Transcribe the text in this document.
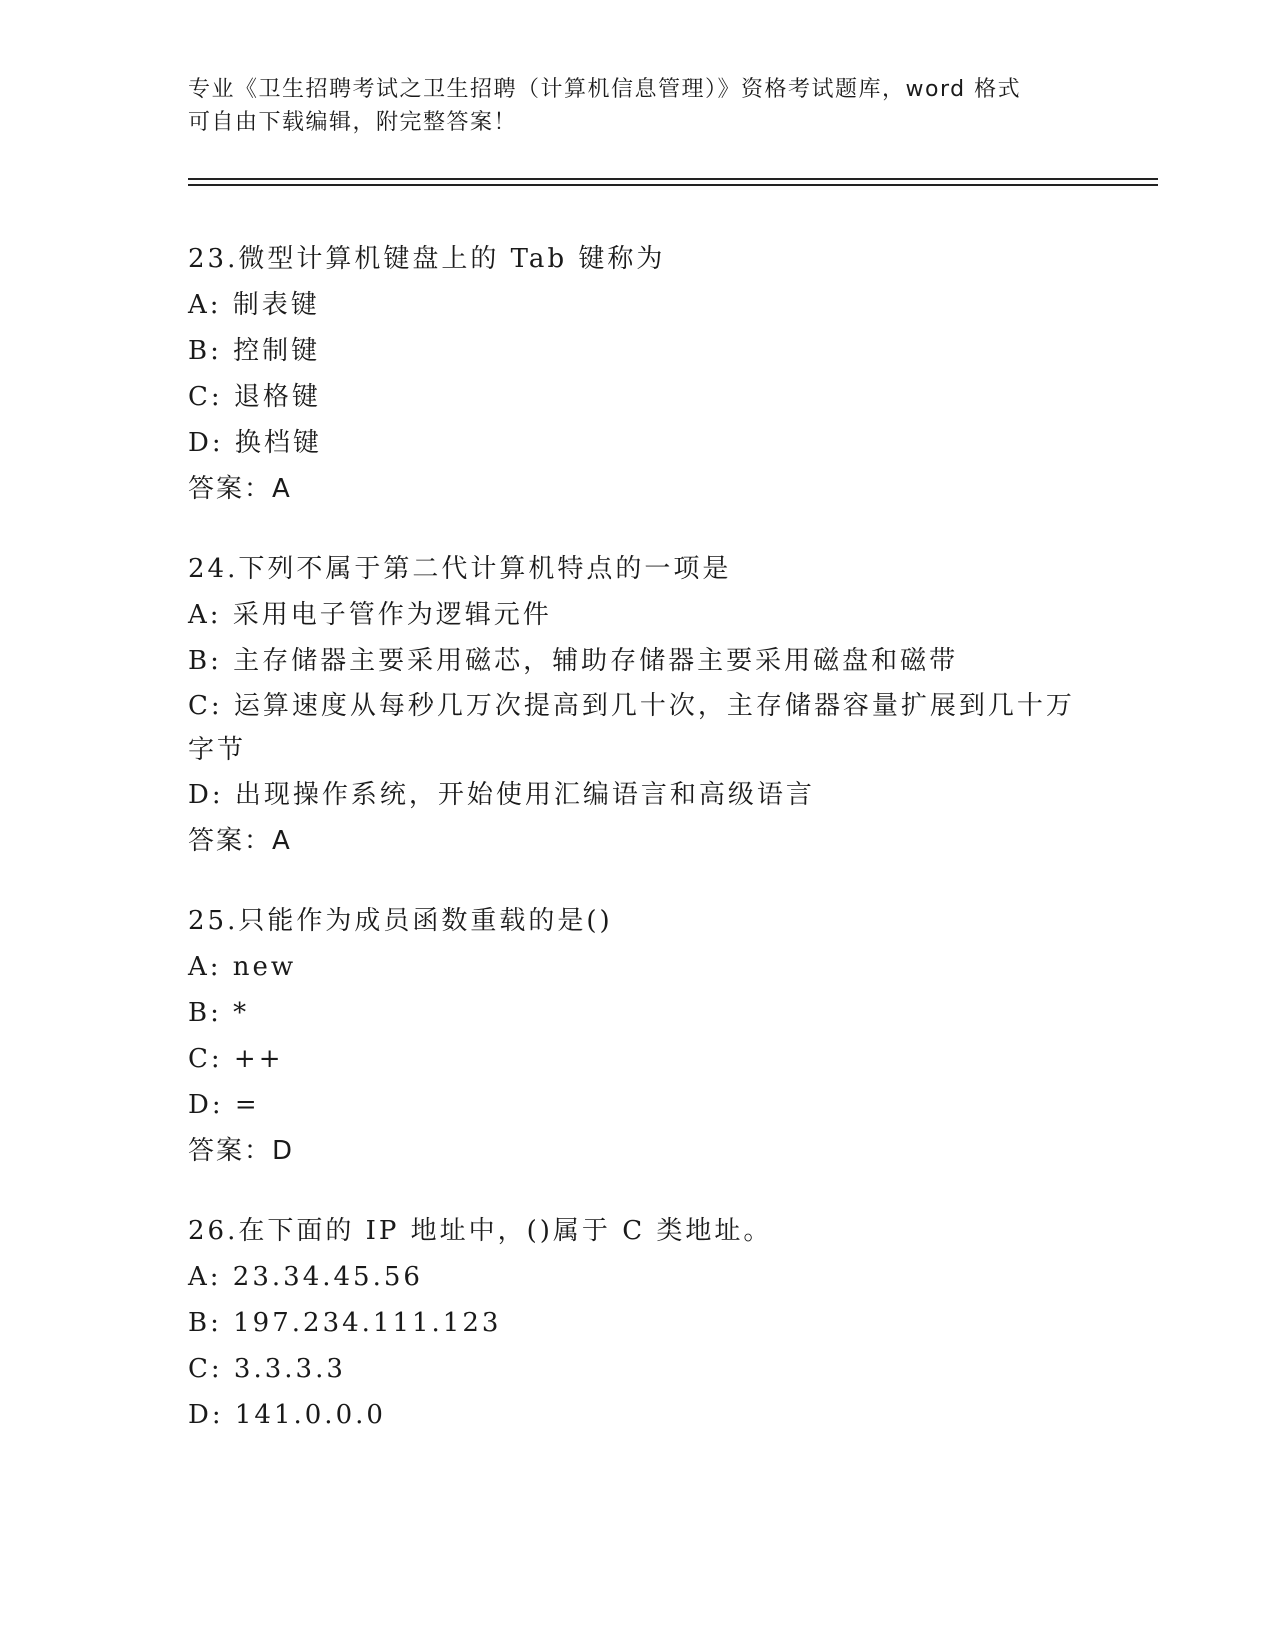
专业《卫生招聘考试之卫生招聘（计算机信息管理）》资格考试题库，word 格式
可自由下载编辑，附完整答案！
23.微型计算机键盘上的 Tab 键称为
A: 制表键
B: 控制键
C: 退格键
D: 换档键
答案：A
24.下列不属于第二代计算机特点的一项是
A: 采用电子管作为逻辑元件
B: 主存储器主要采用磁芯，辅助存储器主要采用磁盘和磁带
C: 运算速度从每秒几万次提高到几十次，主存储器容量扩展到几十万字节
D: 出现操作系统，开始使用汇编语言和高级语言
答案：A
25.只能作为成员函数重载的是()
A: new
B: *
C: ++
D: =
答案：D
26.在下面的 IP 地址中，()属于 C 类地址。
A: 23.34.45.56
B: 197.234.111.123
C: 3.3.3.3
D: 141.0.0.0
